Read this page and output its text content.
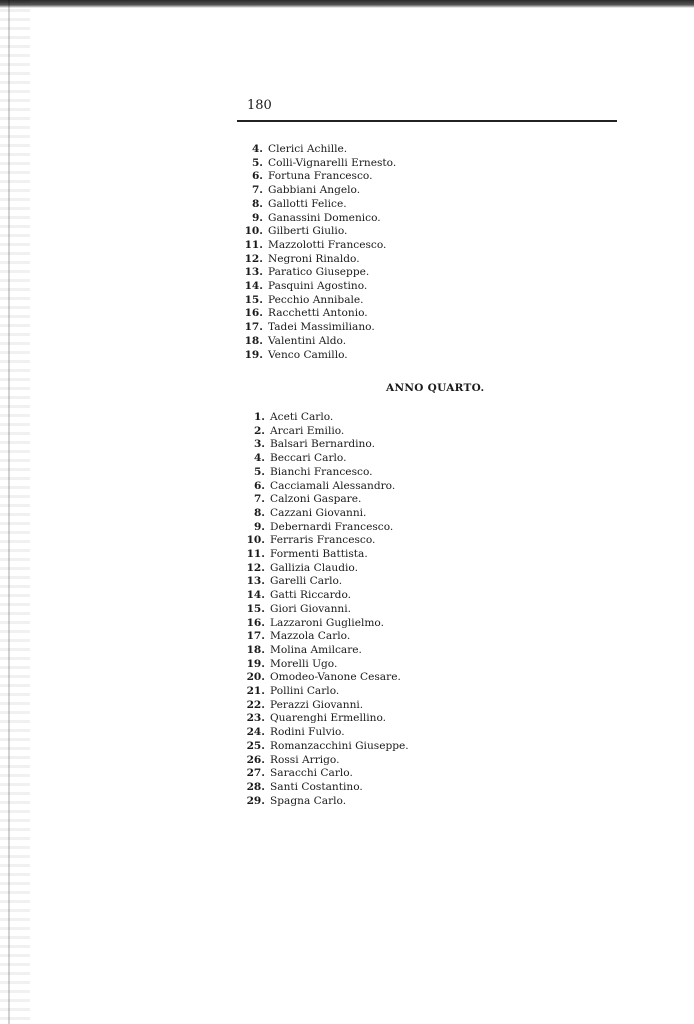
180
4. Clerici Achille.
5. Colli-Vignarelli Ernesto.
6. Fortuna Francesco.
7. Gabbiani Angelo.
8. Gallotti Felice.
9. Ganassini Domenico.
10. Gilberti Giulio.
11. Mazzolotti Francesco.
12. Negroni Rinaldo.
13. Paratico Giuseppe.
14. Pasquini Agostino.
15. Pecchio Annibale.
16. Racchetti Antonio.
17. Tadei Massimiliano.
18. Valentini Aldo.
19. Venco Camillo.
ANNO QUARTO.
1. Aceti Carlo.
2. Arcari Emilio.
3. Balsari Bernardino.
4. Beccari Carlo.
5. Bianchi Francesco.
6. Cacciamali Alessandro.
7. Calzoni Gaspare.
8. Cazzani Giovanni.
9. Debernardi Francesco.
10. Ferraris Francesco.
11. Formenti Battista.
12. Gallizia Claudio.
13. Garelli Carlo.
14. Gatti Riccardo.
15. Giori Giovanni.
16. Lazzaroni Guglielmo.
17. Mazzola Carlo.
18. Molina Amilcare.
19. Morelli Ugo.
20. Omodeo-Vanone Cesare.
21. Pollini Carlo.
22. Perazzi Giovanni.
23. Quarenghi Ermellino.
24. Rodini Fulvio.
25. Romanzacchini Giuseppe.
26. Rossi Arrigo.
27. Saracchi Carlo.
28. Santi Costantino.
29. Spagna Carlo.
